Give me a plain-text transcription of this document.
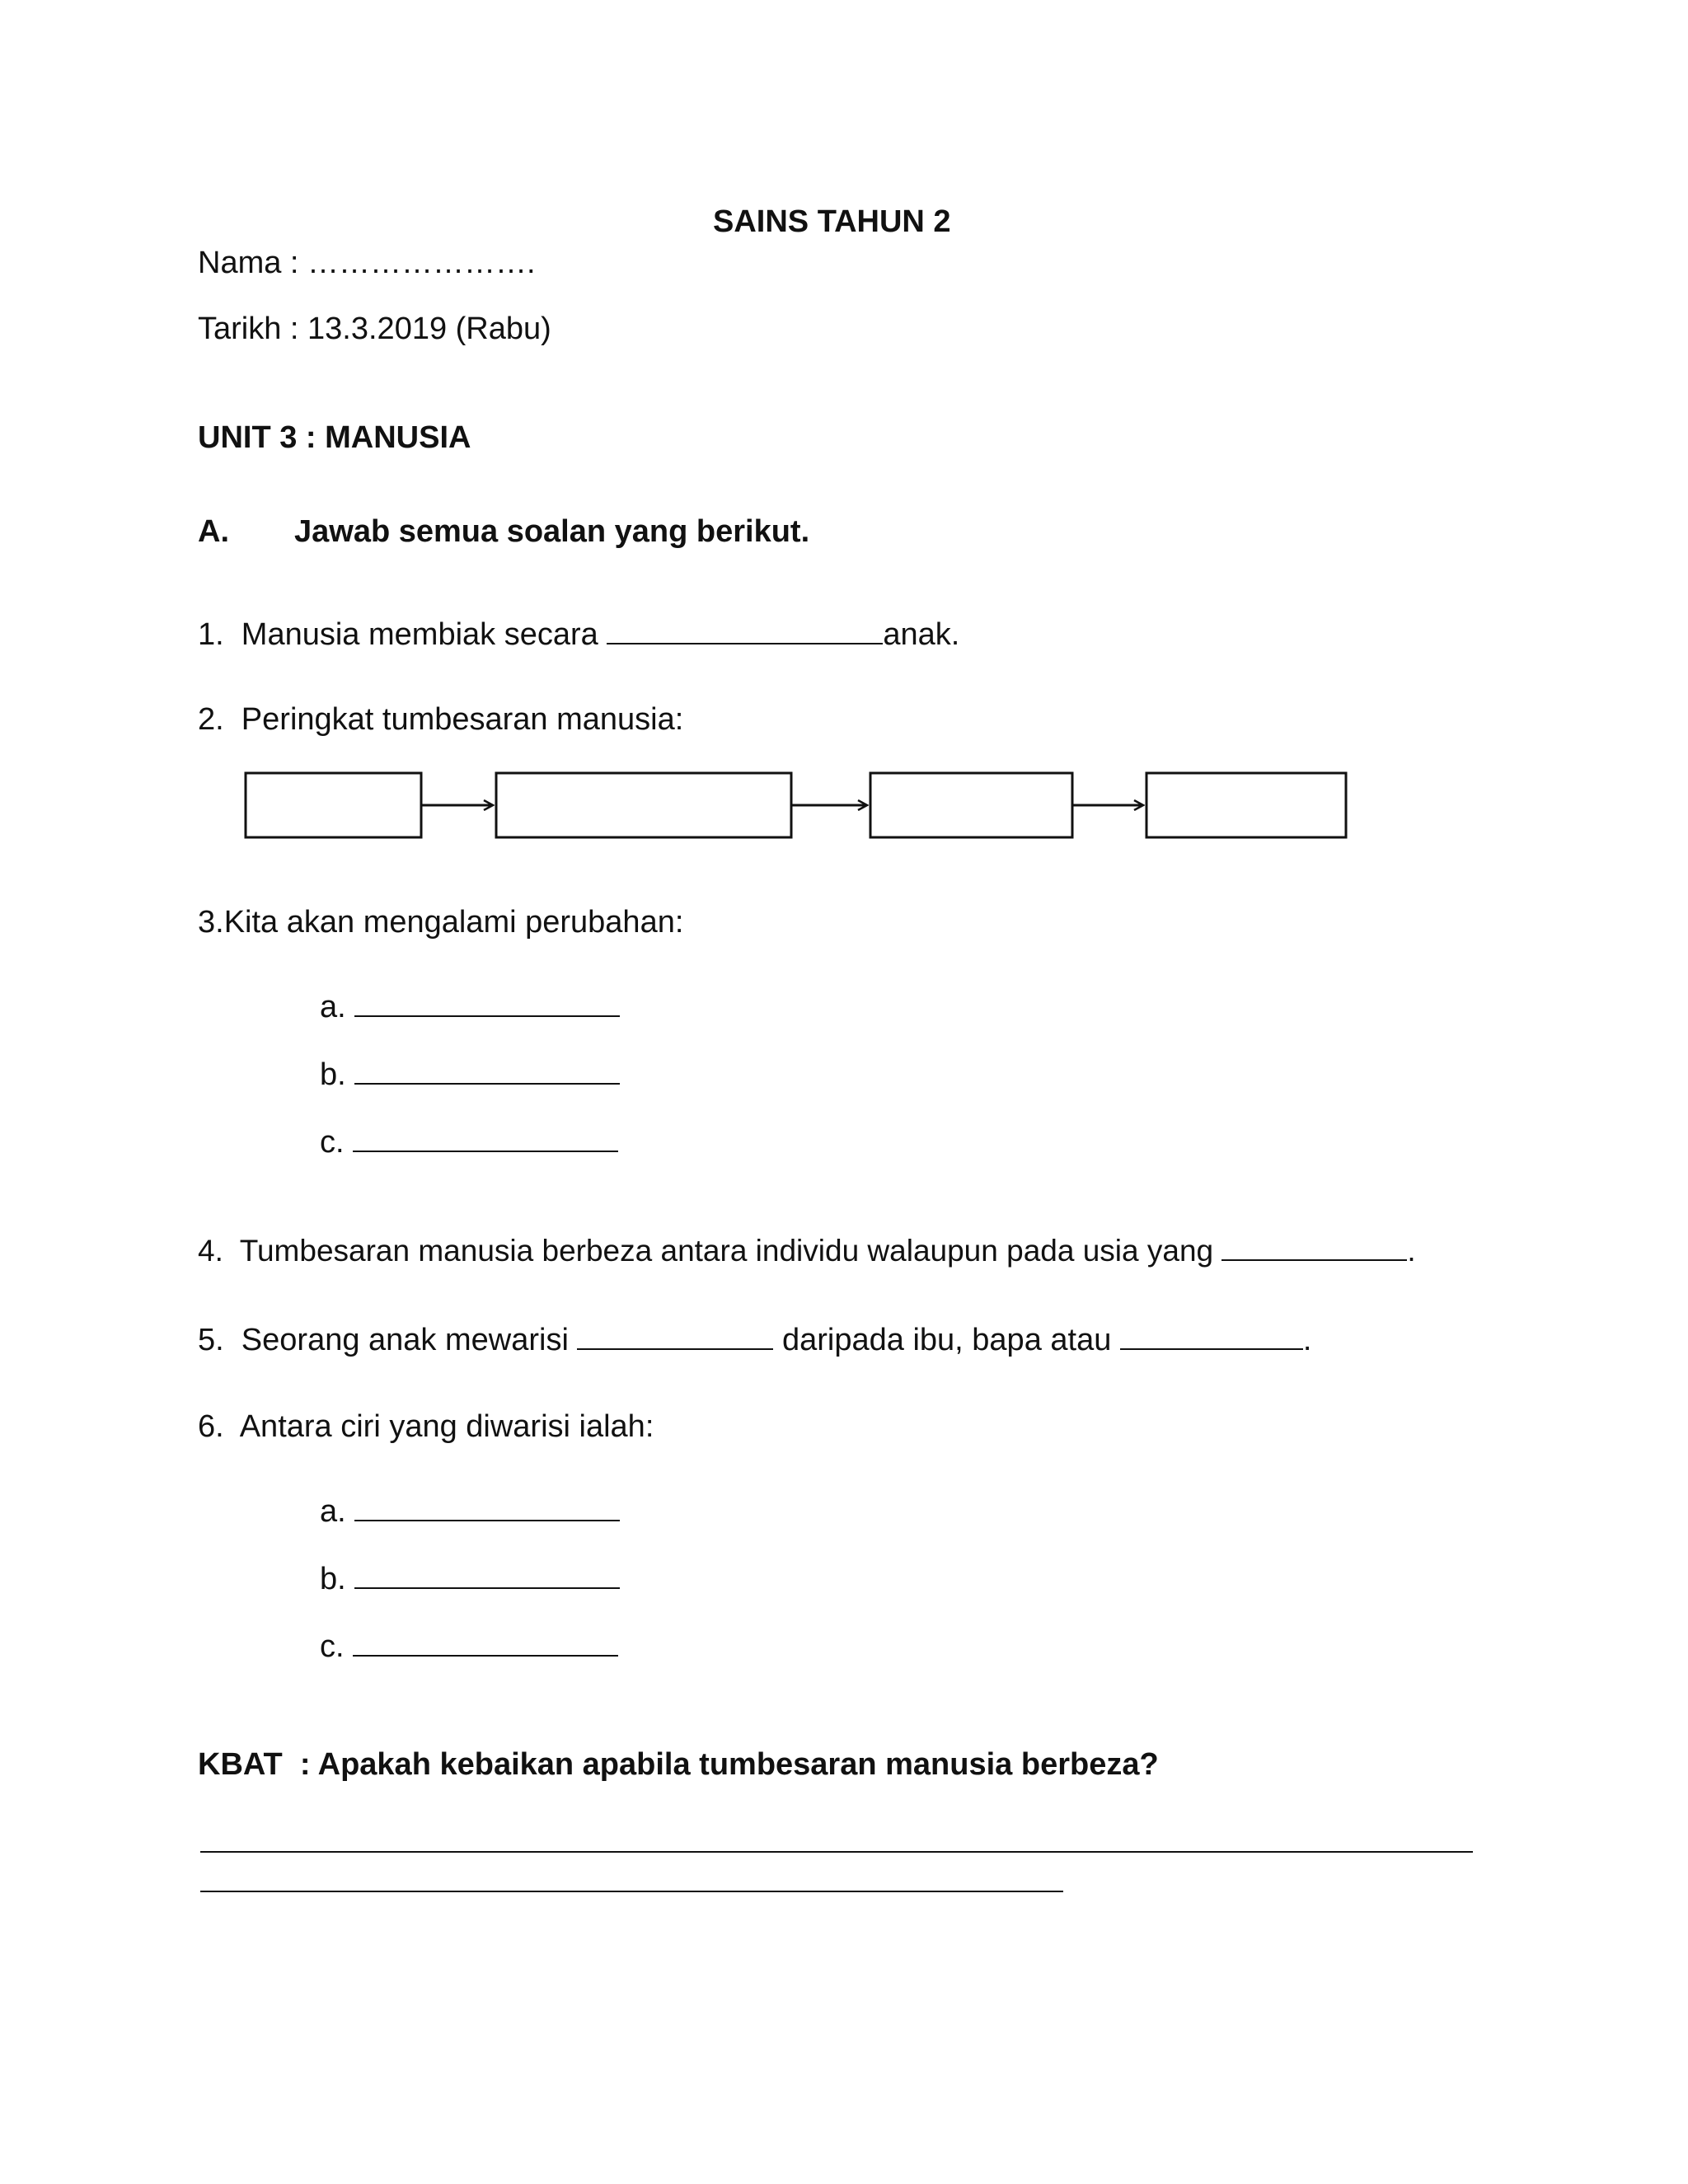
SAINS TAHUN 2
Nama : ………………….
Tarikh : 13.3.2019 (Rabu)
UNIT 3 : MANUSIA
A. Jawab semua soalan yang berikut.
1.  Manusia membiak secara	anak.
2.  Peringkat tumbesaran manusia:
3.Kita akan mengalami perubahan:
a.
b.
c.
4.  Tumbesaran manusia berbeza antara individu walaupun pada usia yang	.
5.  Seorang anak mewarisi	daripada ibu, bapa atau	.
6.  Antara ciri yang diwarisi ialah:
a.
b.
c.
KBAT  : Apakah kebaikan apabila tumbesaran manusia berbeza?
